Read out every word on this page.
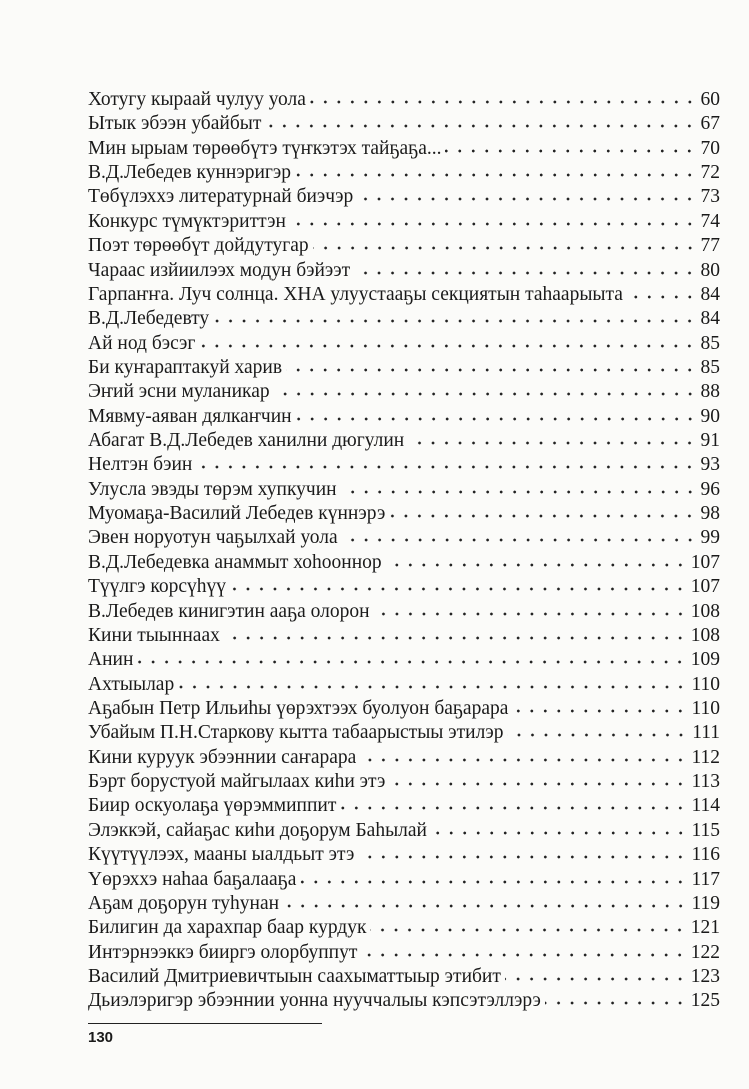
Хотугу кыраай чулуу уола	60
Ытык эбээн убайбыт	67
Мин ырыам төрөөбүтэ түҥкэтэх тайҕаҕа...	70
В.Д.Лебедев куннэригэр	72
Төбүлэххэ литературнай биэчэр	73
Конкурс түмүктэриттэн	74
Поэт төрөөбүт дойдутугар	77
Чараас изйиилээх модун бэйээт	80
Гарпаҥҥа. Луч солнца. ХНА улуустааҕы секциятын таһаарыыта	84
В.Д.Лебедевту	84
Ай нод бэсэг	85
Би куҥараптакуй харив	85
Эҥий эсни муланикар	88
Мявму-аяван дялкаҥчин	90
Абагат В.Д.Лебедев ханилни дюгулин	91
Нелтэн бэин	93
Улусла эвэды төрэм хупкучин	96
Муомаҕа-Василий Лебедев күннэрэ	98
Эвен норуотун чаҕылхай уола	99
В.Д.Лебедевка анаммыт хоһооннор	107
Түүлгэ корсүһүү	107
В.Лебедев кинигэтин ааҕа олорон	108
Кини тыыннаах	108
Анин	109
Ахтыылар	110
Аҕабын Петр Ильиһы үөрэхтээх буолуон баҕарара	110
Убайым П.Н.Старкову кытта табаарыстыы этилэр	111
Кини куруук эбээннии саҥарара	112
Бэрт борустуой майгылаах киһи этэ	113
Биир оскуолаҕа үөрэммиппит	114
Элэккэй, сайаҕас киһи доҕорум Баһылай	115
Күүтүүлээх, мааны ыалдьыт этэ	116
Үөрэххэ наһаа баҕалааҕа	117
Аҕам доҕорун туһунан	119
Билигин да харахпар баар курдук	121
Интэрнээккэ бииргэ олорбуппут	122
Василий Дмитриевичтыын саахыматтыыр этибит	123
Дьиэлэригэр эбээннии уонна нууччалыы кэпсэтэллэрэ	125
130
